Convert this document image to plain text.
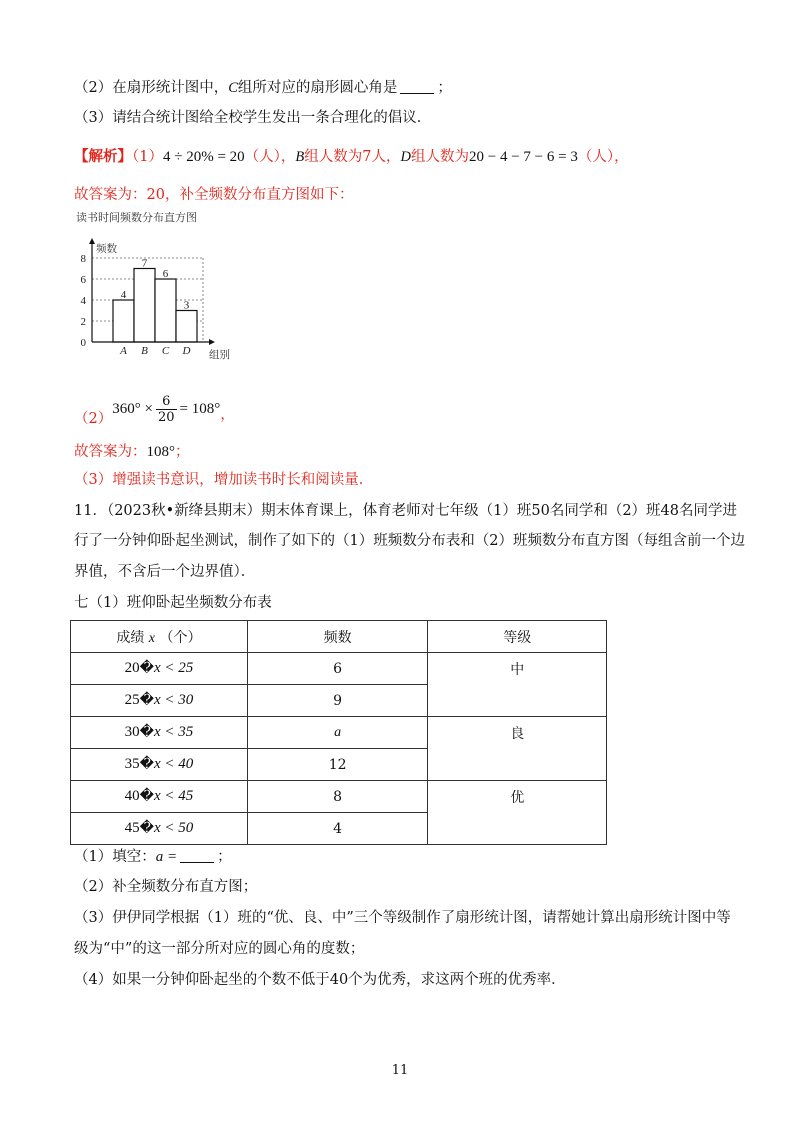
（2）在扇形统计图中，C组所对应的扇形圆心角是	；
（3）请结合统计图给全校学生发出一条合理化的倡议．
【解析】（1）4 ÷ 20% = 20（人），B组人数为7人，D组人数为20 − 4 − 7 − 6 = 3（人），
故答案为：20，补全频数分布直方图如下：
读书时间频数分布直方图
0
2
4
6
8
4
A
7
B
6
C
3
D
频数
组别
$(2)360^\circ \times \frac{6}{20} = 108^\circ$，
故答案为：108°；
（3）增强读书意识，增加读书时长和阅读量．
11．（2023秋•新绛县期末）期末体育课上，体育老师对七年级（1）班50名同学和（2）班48名同学进
行了一分钟仰卧起坐测试，制作了如下的（1）班频数分布表和（2）班频数分布直方图（每组含前一个边
界值，不含后一个边界值）．
七（1）班仰卧起坐频数分布表
成绩 x （个）	频数	等级
20�x < 25	6	中
25�x < 30	9	
30�x < 35	a	良
35�x < 40	12	
40�x < 45	8	优
45�x < 50	4	
（1）填空：a =	；
（2）补全频数分布直方图；
（3）伊伊同学根据（1）班的“优、良、中”三个等级制作了扇形统计图，请帮她计算出扇形统计图中等
级为“中”的这一部分所对应的圆心角的度数；
（4）如果一分钟仰卧起坐的个数不低于40个为优秀，求这两个班的优秀率．
11
